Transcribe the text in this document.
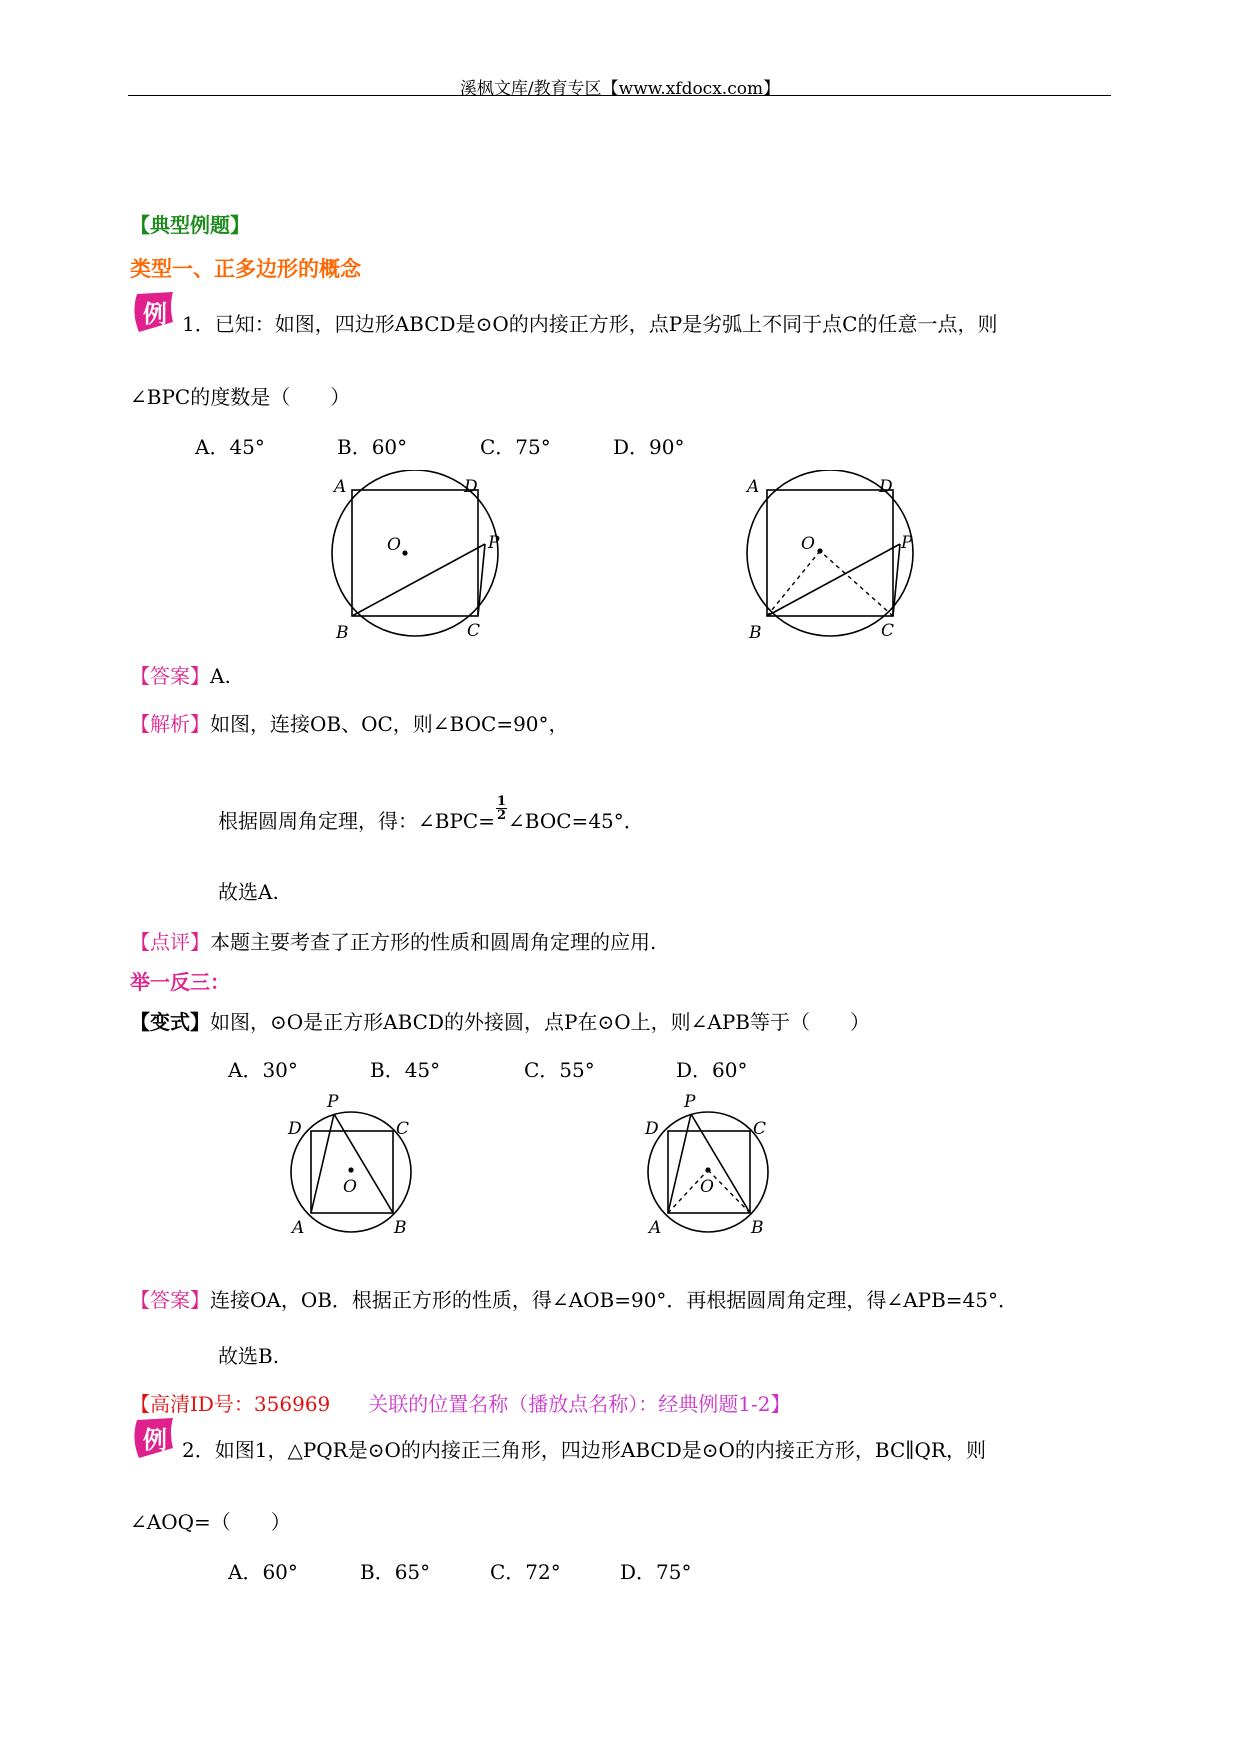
溪枫文库/教育专区【www.xfdocx.com】
【典型例题】
类型一、正多边形的概念
例 1．已知：如图，四边形ABCD是⊙O的内接正方形，点P是劣弧上不同于点C的任意一点，则
∠BPC的度数是（　　）
A．45°	B．60°	C．75°	D．90°
A	D
O	P
B	C
A	D
O	P
B	C
【答案】A.
【解析】如图，连接OB、OC，则∠BOC=90°，
根据圆周角定理，得：∠BPC= $\frac{1}{2}$ ∠BOC=45°．
故选A.
【点评】本题主要考查了正方形的性质和圆周角定理的应用.
举一反三：
【变式】如图，⊙O是正方形ABCD的外接圆，点P在⊙O上，则∠APB等于（　　）
A．30°	B．45°	C．55°	D．60°
D
P
C
O
A	B
D
P
C
O
A	B
【答案】连接OA，OB．根据正方形的性质，得∠AOB=90°．再根据圆周角定理，得∠APB=45°．
故选B.
【高清ID号：356969 关联的位置名称（播放点名称）：经典例题1-2】
例 2．如图1，△PQR是⊙O的内接正三角形，四边形ABCD是⊙O的内接正方形，BC∥QR，则
∠AOQ=（　　）
A．60°	B．65°	C．72°	D．75°
